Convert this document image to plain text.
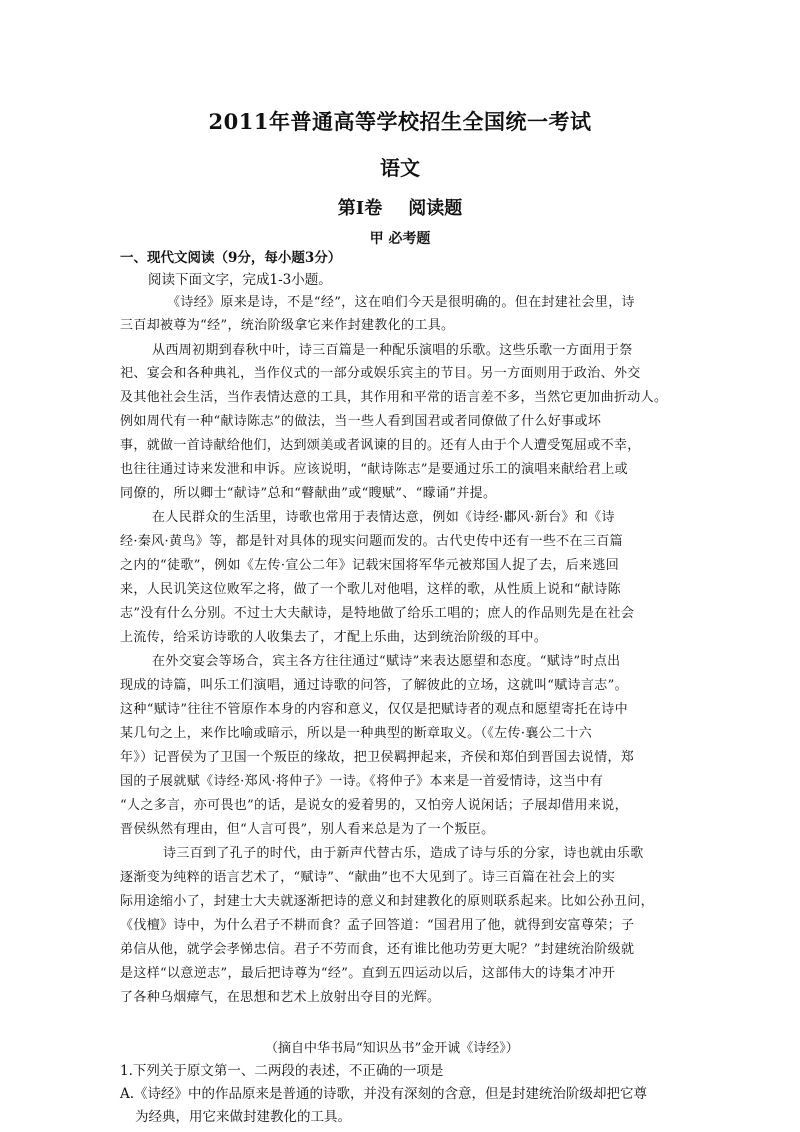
2011年普通高等学校招生全国统一考试
语文
第I卷 阅读题
甲 必考题
一、现代文阅读（9分，每小题3分）
阅读下面文字，完成1-3小题。
《诗经》原来是诗，不是“经”，这在咱们今天是很明确的。但在封建社会里，诗
三百却被尊为“经”，统治阶级拿它来作封建教化的工具。
从西周初期到春秋中叶，诗三百篇是一种配乐演唱的乐歌。这些乐歌一方面用于祭
祀、宴会和各种典礼，当作仪式的一部分或娱乐宾主的节目。另一方面则用于政治、外交
及其他社会生活，当作表情达意的工具，其作用和平常的语言差不多，当然它更加曲折动人。
例如周代有一种“献诗陈志”的做法，当一些人看到国君或者同僚做了什么好事或坏
事，就做一首诗献给他们，达到颂美或者讽谏的目的。还有人由于个人遭受冤屈或不幸，
也往往通过诗来发泄和申诉。应该说明，“献诗陈志”是要通过乐工的演唱来献给君上或
同僚的，所以卿士“献诗”总和“瞽献曲”或“瞍赋”、“矇诵”并提。
在人民群众的生活里，诗歌也常用于表情达意，例如《诗经·鄘风·新台》和《诗
经·秦风·黄鸟》等，都是针对具体的现实问题而发的。古代史传中还有一些不在三百篇
之内的“徒歌”，例如《左传·宣公二年》记载宋国将军华元被郑国人捉了去，后来逃回
来，人民讥笑这位败军之将，做了一个歌儿对他唱，这样的歌，从性质上说和“献诗陈
志”没有什么分别。不过士大夫献诗，是特地做了给乐工唱的；庶人的作品则先是在社会
上流传，给采访诗歌的人收集去了，才配上乐曲，达到统治阶级的耳中。
在外交宴会等场合，宾主各方往往通过“赋诗”来表达愿望和态度。“赋诗”时点出
现成的诗篇，叫乐工们演唱，通过诗歌的问答，了解彼此的立场，这就叫“赋诗言志”。
这种“赋诗”往往不管原作本身的内容和意义，仅仅是把赋诗者的观点和愿望寄托在诗中
某几句之上，来作比喻或暗示，所以是一种典型的断章取义。（《左传·襄公二十六
年》）记晋侯为了卫国一个叛臣的缘故，把卫侯羁押起来，齐侯和郑伯到晋国去说情，郑
国的子展就赋《诗经·郑风·将仲子》一诗。《将仲子》本来是一首爱情诗，这当中有
“人之多言，亦可畏也”的话，是说女的爱着男的，又怕旁人说闲话；子展却借用来说，
晋侯纵然有理由，但“人言可畏”，别人看来总是为了一个叛臣。
诗三百到了孔子的时代，由于新声代替古乐，造成了诗与乐的分家，诗也就由乐歌
逐渐变为纯粹的语言艺术了，“赋诗”、“献曲”也不大见到了。诗三百篇在社会上的实
际用途缩小了，封建士大夫就逐渐把诗的意义和封建教化的原则联系起来。比如公孙丑问，
《伐檀》诗中，为什么君子不耕而食？孟子回答道：“国君用了他，就得到安富尊荣；子
弟信从他，就学会孝悌忠信。君子不劳而食，还有谁比他功劳更大呢？”封建统治阶级就
是这样“以意逆志”，最后把诗尊为“经”。直到五四运动以后，这部伟大的诗集才冲开
了各种乌烟瘴气，在思想和艺术上放射出夺目的光辉。
（摘自中华书局“知识丛书”金开诚《诗经》）
1.下列关于原文第一、二两段的表述，不正确的一项是
A.《诗经》中的作品原来是普通的诗歌，并没有深刻的含意，但是封建统治阶级却把它尊
为经典，用它来做封建教化的工具。
